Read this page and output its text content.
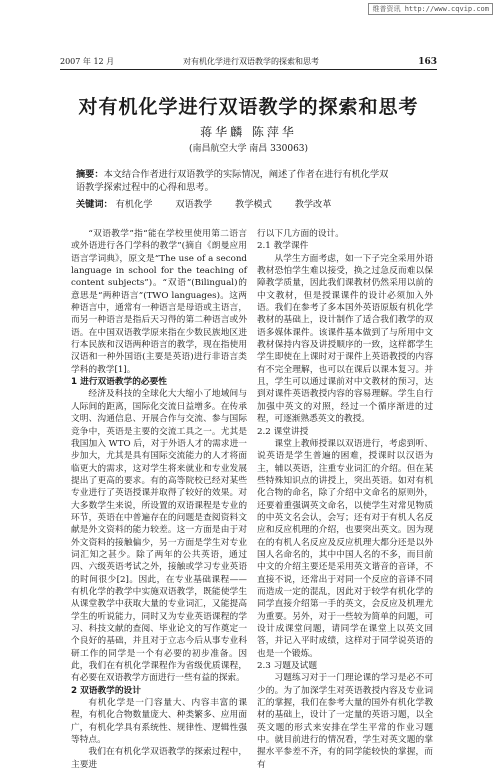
维普资讯 http://www.cqvip.com
2007 年 12 月	对有机化学进行双语教学的探索和思考	163
对有机化学进行双语教学的探索和思考
蒋华麟 陈萍华
(南昌航空大学 南昌 330063)
摘要：本文结合作者进行双语教学的实际情况，阐述了作者在进行有机化学双语教学探索过程中的心得和思考。
关键词： 有机化学 双语教学 教学模式 教学改革

“双语教学”指“能在学校里使用第二语言或外语进行各门学科的教学”(摘自《朗曼应用语言学词典》，原文是“The use of a second language in school for the teaching of content subjects”)。“双语”(Bilingual)的意思是“两种语言”(TWO languages)。这两种语言中，通常有一种语言是母语或主语言，而另一种语言是指后天习得的第二种语言或外语。在中国双语教学原来指在少数民族地区进行本民族和汉语两种语言的教学，现在指使用汉语和一种外国语(主要是英语)进行非语言类学科的教学[1]。

1 进行双语教学的必要性

经济及科技的全球化大大缩小了地域间与人际间的距离，国际化交流日益增多。在传承文明、沟通信息、开展合作与交流、参与国际竞争中，英语是主要的交流工具之一。尤其是我国加入 WTO 后，对于外语人才的需求进一步加大，尤其是具有国际交流能力的人才将面临更大的需求，这对学生将来就业和专业发展提出了更高的要求。有的高等院校已经对某些专业进行了英语授课并取得了较好的效果。对大多数学生来说，所设置的双语课程是专业的环节，英语在中普遍存在的问题是查阅资料文献是外文资料的能力较差。这一方面是由于对外文资料的接触偏少，另一方面是学生对专业词汇知之甚少。除了两年的公共英语，通过四、六级英语考试之外，接触或学习专业英语的时间很少[2]。因此，在专业基础课程——有机化学的教学中实施双语教学，既能使学生从课堂教学中获取大量的专业词汇，又能提高学生的听说能力，同时又为专业英语课程的学习、科技文献的查阅、毕业论文的写作奠定一个良好的基础，并且对于立志今后从事专业科研工作的同学是一个有必要的初步准备。因此，我们在有机化学课程作为省级优质课程，有必要在双语教学方面进行一些有益的探索。

2 双语教学的设计

有机化学是一门容量大、内容丰富的课程，有机化合物数量庞大、种类繁多、应用面广，有机化学具有系统性、规律性、逻辑性强等特点。

我们在有机化学双语教学的探索过程中，主要进

行以下几方面的设计。

2.1 教学课件

从学生方面考虑，如一下子完全采用外语教材恐怕学生难以接受，换之过急反而难以保障教学质量，因此我们课教材仍然采用以前的中文教材，但是授课课件的设计必须加入外语。我们在参考了多本国外英语原版有机化学教材的基础上，设计制作了适合我们教学的双语多媒体课件。该课件基本做到了与所用中文教材保持内容及讲授顺序的一致，这样都学生学生即使在上课时对于课件上英语教授的内容有不完全理解，也可以在课后以课本复习。并且，学生可以通过课前对中文教材的预习，达到对课件英语教授内容的容易理解。学生自行加强中英文的对照，经过一个循序渐进的过程，可逐渐熟悉英文的教授。

2.2 课堂讲授

课堂上教师授课以双语进行，考虑到听、说英语是学生普遍的困难，授课时以汉语为主，辅以英语，注重专业词汇的介绍。但在某些特殊知识点的讲授上，突出英语。如对有机化合物的命名，除了介绍中文命名的原则外，还要着重强调英文命名，以使学生对常见物质的中英文名会认，会写；还有对于有机人名反应和反应机理的介绍，也要突出英文。因为现在的有机人名反应及反应机理大都分还是以外国人名命名的，其中中国人名的不多，而目前中文的介绍主要还是采用英文谐音的音译，不直接不说，还常出于对同一个反应的音译不同而造成一定的混乱，因此对于较学有机化学的同学直接介绍第一手的英文，会反应及机理尤为重要。另外，对于一些较为简单的问题，可设计成课堂问题，请同学在课堂上以英文回答，并记入平时成绩，这样对于同学说英语的也是一个锻炼。

2.3 习题及试题

习题练习对于一门理论课的学习是必不可少的。为了加深学生对英语教授内容及专业词汇的掌握，我们在参考大量的国外有机化学教材的基础上，设计了一定量的英语习题，以全英文题的形式来安排在学生平常的作业习题中。就目前进行的情况看，学生对英文题的掌握水平参差不齐，有的同学能较快的掌握，而有
